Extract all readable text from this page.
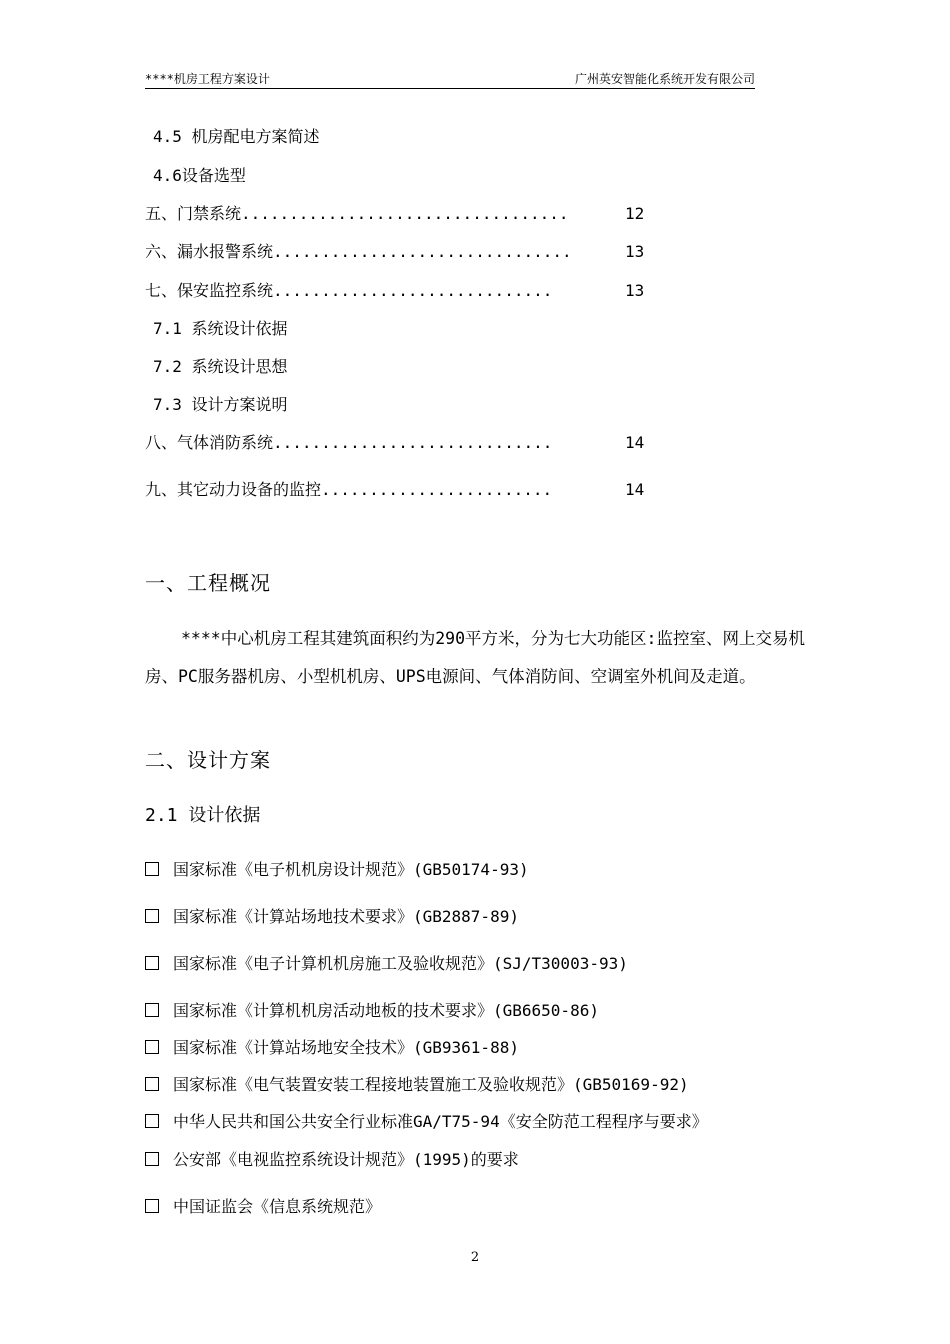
****机房工程方案设计	广州英安智能化系统开发有限公司
4.5 机房配电方案简述
4.6设备选型
五、门禁系统..................................	12
六、漏水报警系统...............................	13
七、保安监控系统.............................	13
7.1 系统设计依据
7.2 系统设计思想
7.3 设计方案说明
八、气体消防系统.............................	14
九、其它动力设备的监控........................	14
一、工程概况
****中心机房工程其建筑面积约为290平方米，分为七大功能区:监控室、网上交易机房、PC服务器机房、小型机机房、UPS电源间、气体消防间、空调室外机间及走道。
二、设计方案
2.1 设计依据
国家标准《电子机机房设计规范》(GB50174-93)
国家标准《计算站场地技术要求》(GB2887-89)
国家标准《电子计算机机房施工及验收规范》(SJ/T30003-93)
国家标准《计算机机房活动地板的技术要求》(GB6650-86)
国家标准《计算站场地安全技术》(GB9361-88)
国家标准《电气装置安装工程接地装置施工及验收规范》(GB50169-92)
中华人民共和国公共安全行业标准GA/T75-94《安全防范工程程序与要求》
公安部《电视监控系统设计规范》(1995)的要求
中国证监会《信息系统规范》
2
